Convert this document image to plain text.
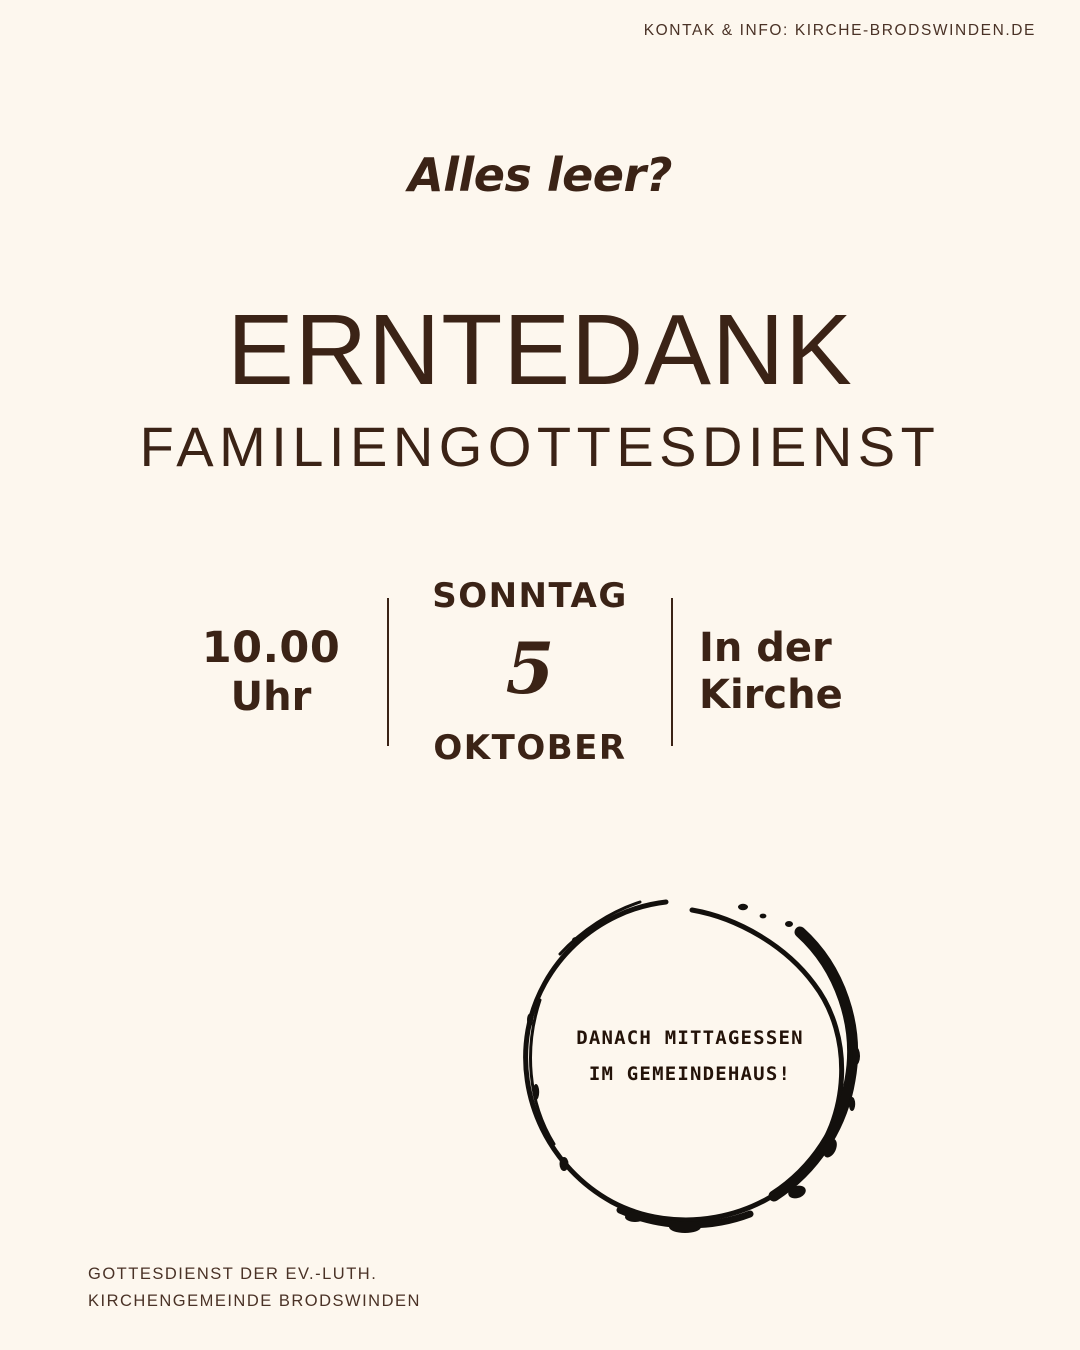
KONTAK & INFO: KIRCHE-BRODSWINDEN.DE
Alles leer?
ERNTEDANK
FAMILIENGOTTESDIENST
10.00
Uhr
SONNTAG
5
OKTOBER
In der
Kirche
DANACH MITTAGESSEN
IM GEMEINDEHAUS!
GOTTESDIENST DER EV.-LUTH.
KIRCHENGEMEINDE BRODSWINDEN
